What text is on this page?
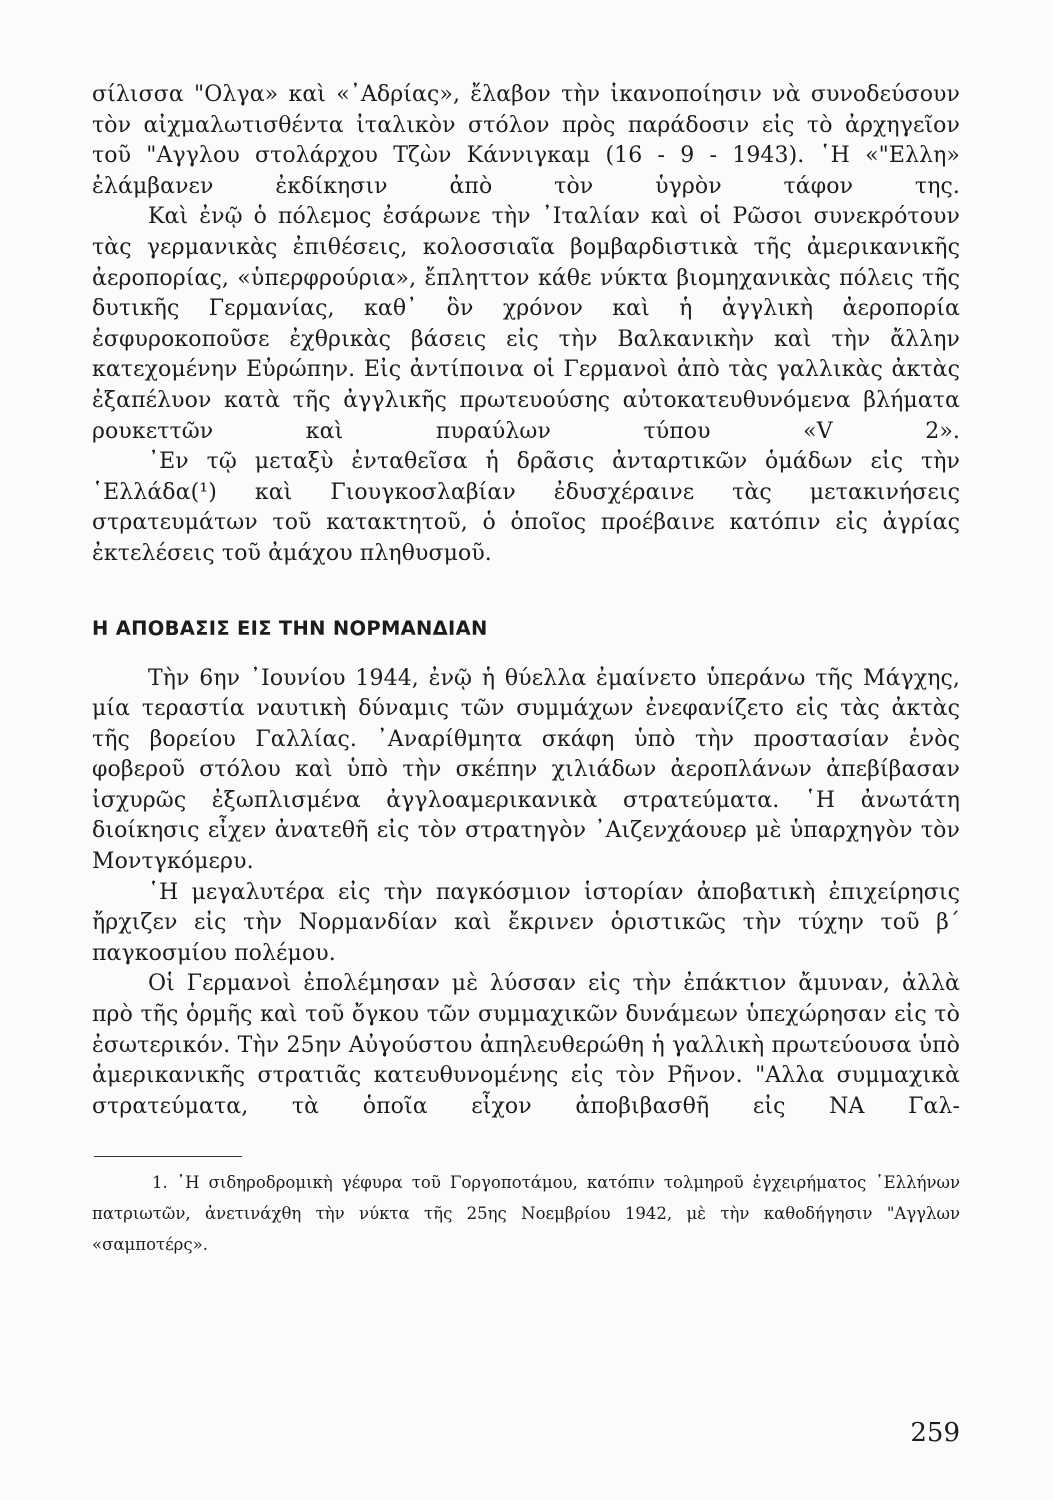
σίλισσα "Ολγα» καὶ «᾿Αδρίας», ἔλαβον τὴν ἱκανοποίησιν νὰ συνοδεύσουν τὸν αἰχμαλωτισθέντα ἰταλικὸν στόλον πρὸς παράδοσιν εἰς τὸ ἀρχηγεῖον τοῦ "Αγγλου στολάρχου Τζὼν Κάννιγκαμ (16 - 9 - 1943). ῾Η «"Ελλη» ἐλάμβανεν ἐκδίκησιν ἀπὸ τὸν ὑγρὸν τάφον της.

Καὶ ἐνῷ ὁ πόλεμος ἐσάρωνε τὴν ᾿Ιταλίαν καὶ οἱ Ρῶσοι συνεκρότουν τὰς γερμανικὰς ἐπιθέσεις, κολοσσιαῖα βομβαρδιστικὰ τῆς ἀμερικανικῆς ἀεροπορίας, «ὑπερφρούρια», ἔπληττον κάθε νύκτα βιομηχανικὰς πόλεις τῆς δυτικῆς Γερμανίας, καθ᾿ ὃν χρόνον καὶ ἡ ἀγγλικὴ ἀεροπορία ἐσφυροκοποῦσε ἐχθρικὰς βάσεις εἰς τὴν Βαλκανικὴν καὶ τὴν ἄλλην κατεχομένην Εὐρώπην. Εἰς ἀντίποινα οἱ Γερμανοὶ ἀπὸ τὰς γαλλικὰς ἀκτὰς ἐξαπέλυον κατὰ τῆς ἀγγλικῆς πρωτευούσης αὐτοκατευθυνόμενα βλήματα ρουκεττῶν καὶ πυραύλων τύπου «V 2».

᾿Εν τῷ μεταξὺ ἐνταθεῖσα ἡ δρᾶσις ἀνταρτικῶν ὁμάδων εἰς τὴν ῾Ελλάδα(¹) καὶ Γιουγκοσλαβίαν ἐδυσχέραινε τὰς μετακινήσεις στρατευμάτων τοῦ κατακτητοῦ, ὁ ὁποῖος προέβαινε κατόπιν εἰς ἀγρίας ἐκτελέσεις τοῦ ἀμάχου πληθυσμοῦ.

Η ΑΠΟΒΑΣΙΣ ΕΙΣ ΤΗΝ ΝΟΡΜΑΝΔΙΑΝ

Τὴν 6ην ᾿Ιουνίου 1944, ἐνῷ ἡ θύελλα ἐμαίνετο ὑπεράνω τῆς Μάγχης, μία τεραστία ναυτικὴ δύναμις τῶν συμμάχων ἐνεφανίζετο εἰς τὰς ἀκτὰς τῆς βορείου Γαλλίας. ᾿Αναρίθμητα σκάφη ὑπὸ τὴν προστασίαν ἑνὸς φοβεροῦ στόλου καὶ ὑπὸ τὴν σκέπην χιλιάδων ἀεροπλάνων ἀπεβίβασαν ἰσχυρῶς ἐξωπλισμένα ἀγγλοαμερικανικὰ στρατεύματα. ῾Η ἀνωτάτη διοίκησις εἶχεν ἀνατεθῆ εἰς τὸν στρατηγὸν ᾿Αιζενχάουερ μὲ ὑπαρχηγὸν τὸν Μοντγκόμερυ.

῾Η μεγαλυτέρα εἰς τὴν παγκόσμιον ἱστορίαν ἀποβατικὴ ἐπιχείρησις ἤρχιζεν εἰς τὴν Νορμανδίαν καὶ ἔκρινεν ὁριστικῶς τὴν τύχην τοῦ β΄ παγκοσμίου πολέμου.

Οἱ Γερμανοὶ ἐπολέμησαν μὲ λύσσαν εἰς τὴν ἐπάκτιον ἄμυναν, ἀλλὰ πρὸ τῆς ὁρμῆς καὶ τοῦ ὄγκου τῶν συμμαχικῶν δυνάμεων ὑπεχώρησαν εἰς τὸ ἐσωτερικόν. Τὴν 25ην Αὐγούστου ἀπηλευθερώθη ἡ γαλλικὴ πρωτεύουσα ὑπὸ ἀμερικανικῆς στρατιᾶς κατευθυνομένης εἰς τὸν Ρῆνον. "Αλλα συμμαχικὰ στρατεύματα, τὰ ὁποῖα εἶχον ἀποβιβασθῆ εἰς ΝΑ Γαλ-

1. ῾Η σιδηροδρομικὴ γέφυρα τοῦ Γοργοποτάμου, κατόπιν τολμηροῦ ἐγχειρήματος ῾Ελλήνων πατριωτῶν, ἀνετινάχθη τὴν νύκτα τῆς 25ης Νοεμβρίου 1942, μὲ τὴν καθοδήγησιν "Αγγλων «σαμποτέρς».

259
